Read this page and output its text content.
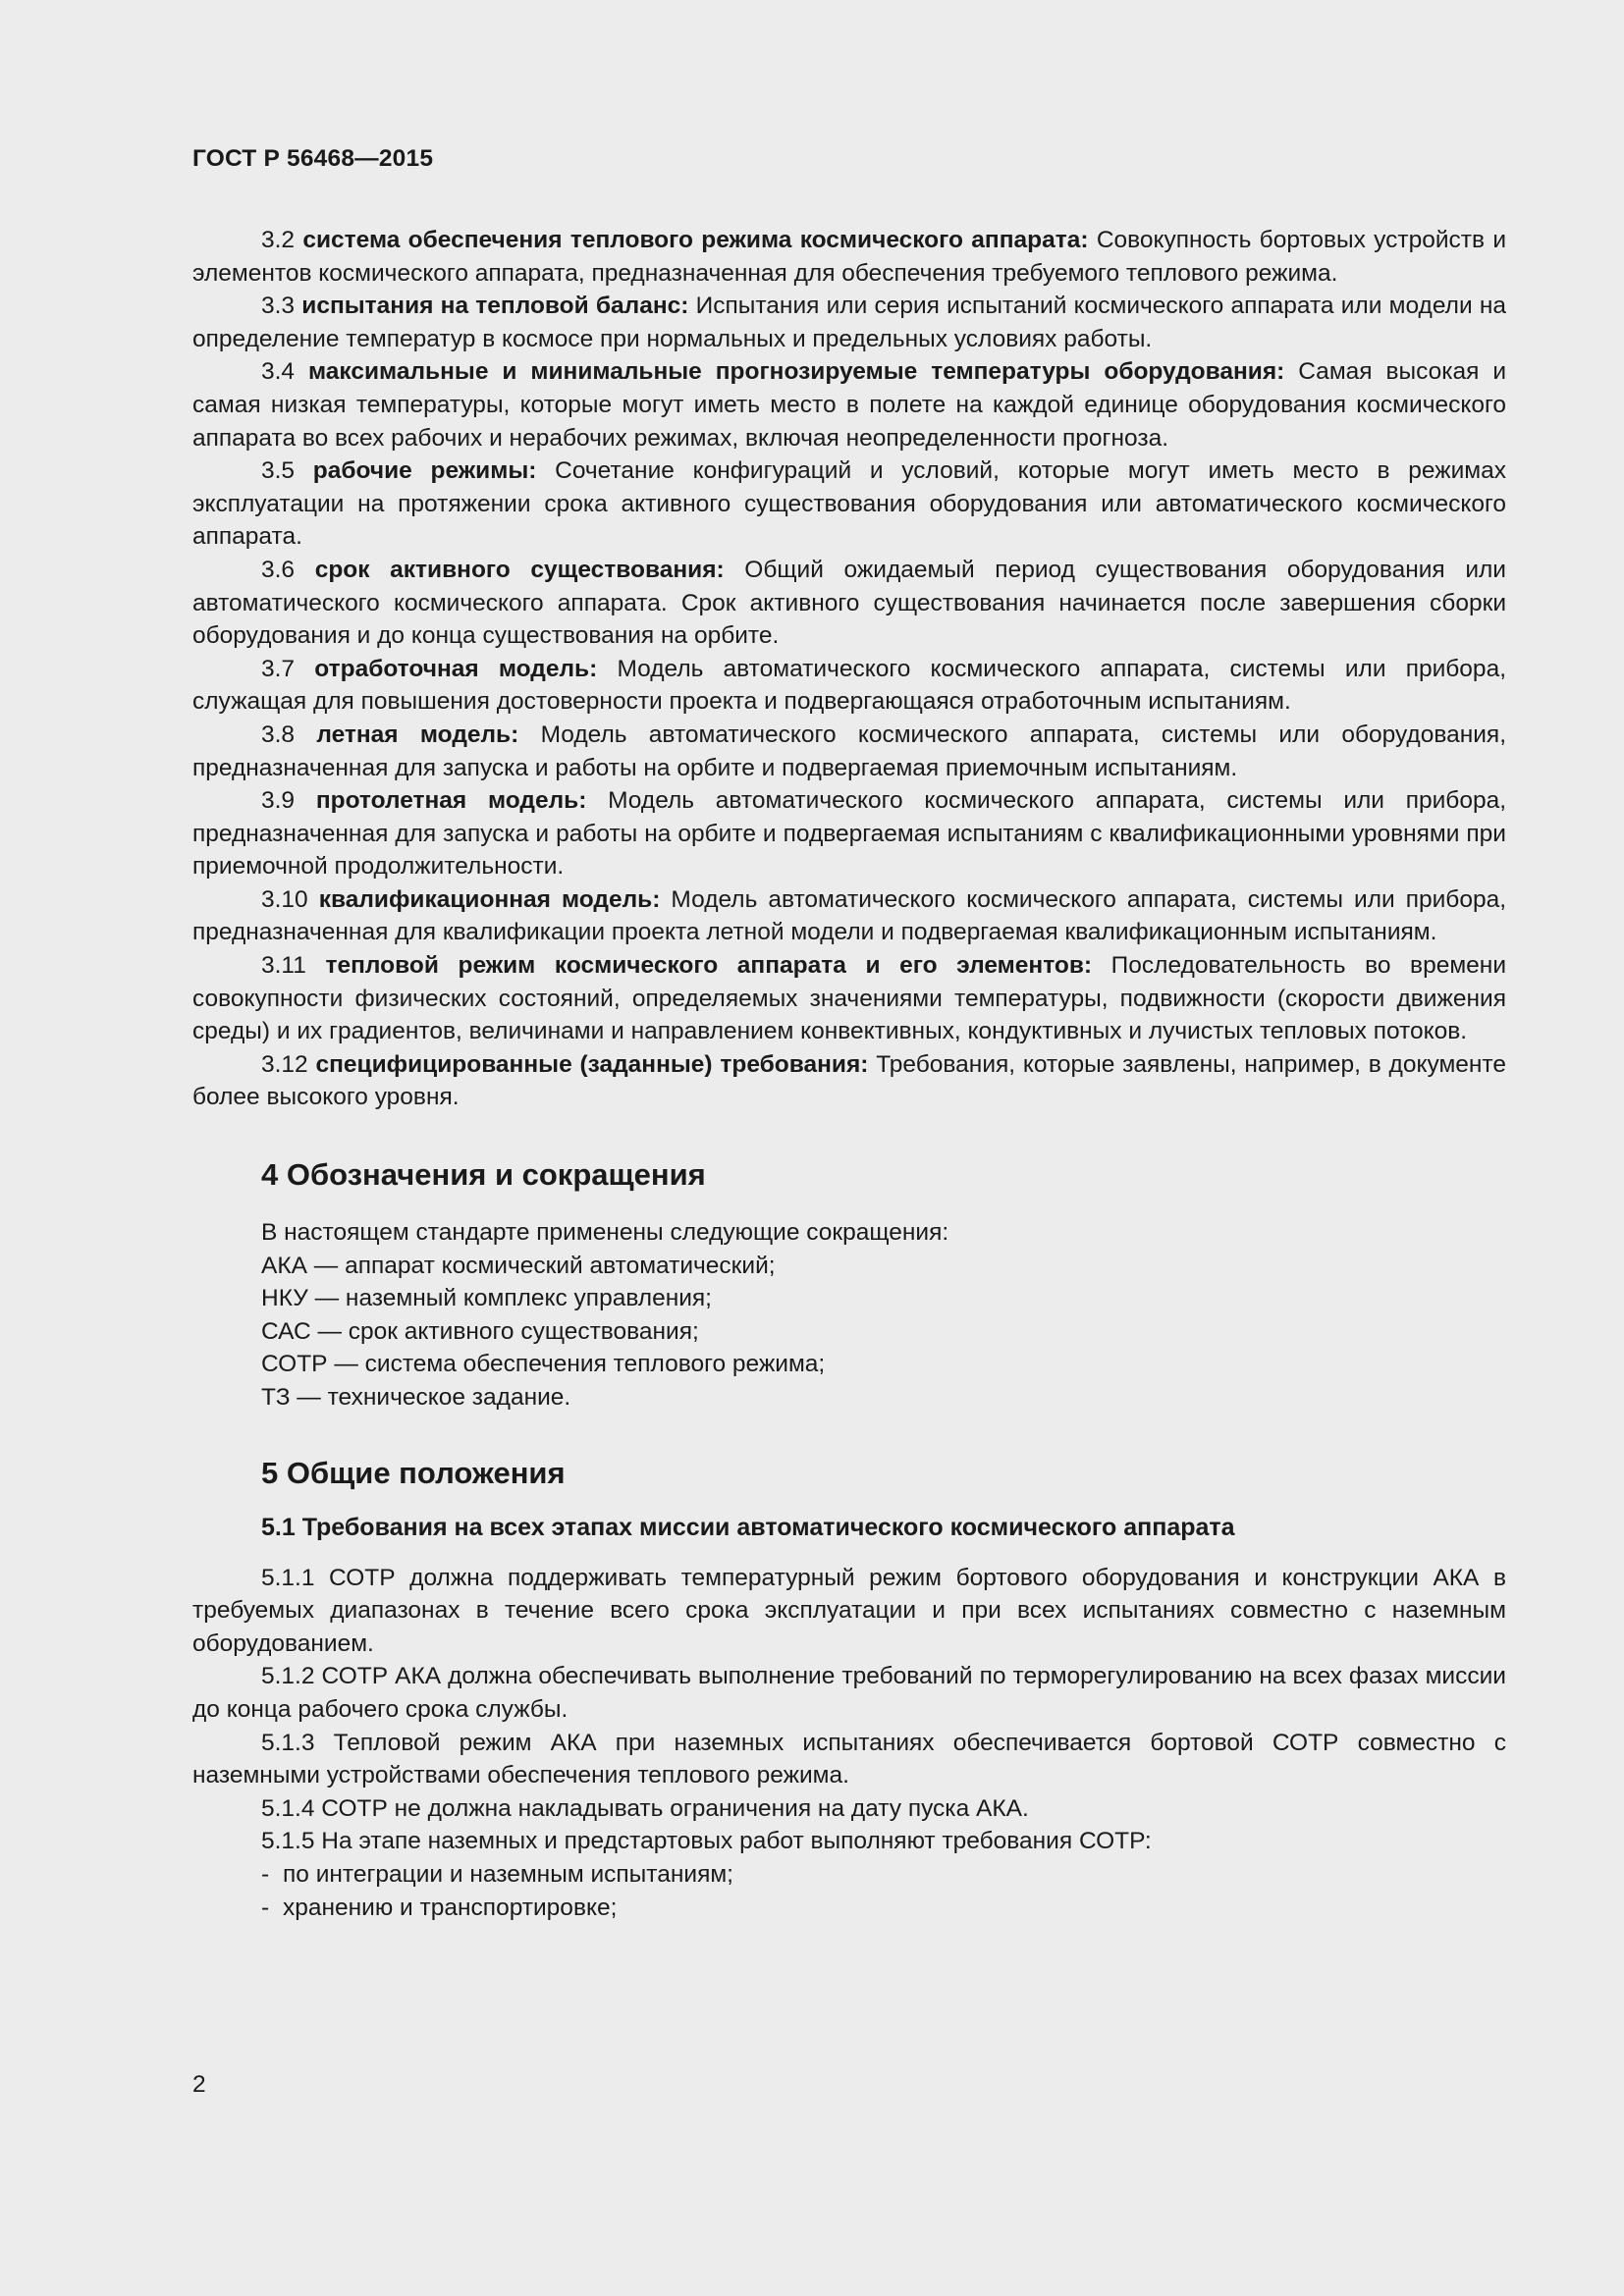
ГОСТ Р 56468—2015

3.2 система обеспечения теплового режима космического аппарата: Совокупность бортовых устройств и элементов космического аппарата, предназначенная для обеспечения требуемого теплового режима.

3.3 испытания на тепловой баланс: Испытания или серия испытаний космического аппарата или модели на определение температур в космосе при нормальных и предельных условиях работы.

3.4 максимальные и минимальные прогнозируемые температуры оборудования: Самая высокая и самая низкая температуры, которые могут иметь место в полете на каждой единице оборудования космического аппарата во всех рабочих и нерабочих режимах, включая неопределенности прогноза.

3.5 рабочие режимы: Сочетание конфигураций и условий, которые могут иметь место в режимах эксплуатации на протяжении срока активного существования оборудования или автоматического космического аппарата.

3.6 срок активного существования: Общий ожидаемый период существования оборудования или автоматического космического аппарата. Срок активного существования начинается после завершения сборки оборудования и до конца существования на орбите.

3.7 отработочная модель: Модель автоматического космического аппарата, системы или прибора, служащая для повышения достоверности проекта и подвергающаяся отработочным испытаниям.

3.8 летная модель: Модель автоматического космического аппарата, системы или оборудования, предназначенная для запуска и работы на орбите и подвергаемая приемочным испытаниям.

3.9 протолетная модель: Модель автоматического космического аппарата, системы или прибора, предназначенная для запуска и работы на орбите и подвергаемая испытаниям с квалификационными уровнями при приемочной продолжительности.

3.10 квалификационная модель: Модель автоматического космического аппарата, системы или прибора, предназначенная для квалификации проекта летной модели и подвергаемая квалификационным испытаниям.

3.11 тепловой режим космического аппарата и его элементов: Последовательность во времени совокупности физических состояний, определяемых значениями температуры, подвижности (скорости движения среды) и их градиентов, величинами и направлением конвективных, кондуктивных и лучистых тепловых потоков.

3.12 специфицированные (заданные) требования: Требования, которые заявлены, например, в документе более высокого уровня.

4 Обозначения и сокращения

В настоящем стандарте применены следующие сокращения:

АКА — аппарат космический автоматический;

НКУ — наземный комплекс управления;

САС — срок активного существования;

СОТР — система обеспечения теплового режима;

ТЗ — техническое задание.

5 Общие положения
5.1 Требования на всех этапах миссии автоматического космического аппарата

5.1.1 СОТР должна поддерживать температурный режим бортового оборудования и конструкции АКА в требуемых диапазонах в течение всего срока эксплуатации и при всех испытаниях совместно с наземным оборудованием.

5.1.2 СОТР АКА должна обеспечивать выполнение требований по терморегулированию на всех фазах миссии до конца рабочего срока службы.

5.1.3 Тепловой режим АКА при наземных испытаниях обеспечивается бортовой СОТР совместно с наземными устройствами обеспечения теплового режима.

5.1.4 СОТР не должна накладывать ограничения на дату пуска АКА.

5.1.5 На этапе наземных и предстартовых работ выполняют требования СОТР:

- по интеграции и наземным испытаниям;

- хранению и транспортировке;

2
